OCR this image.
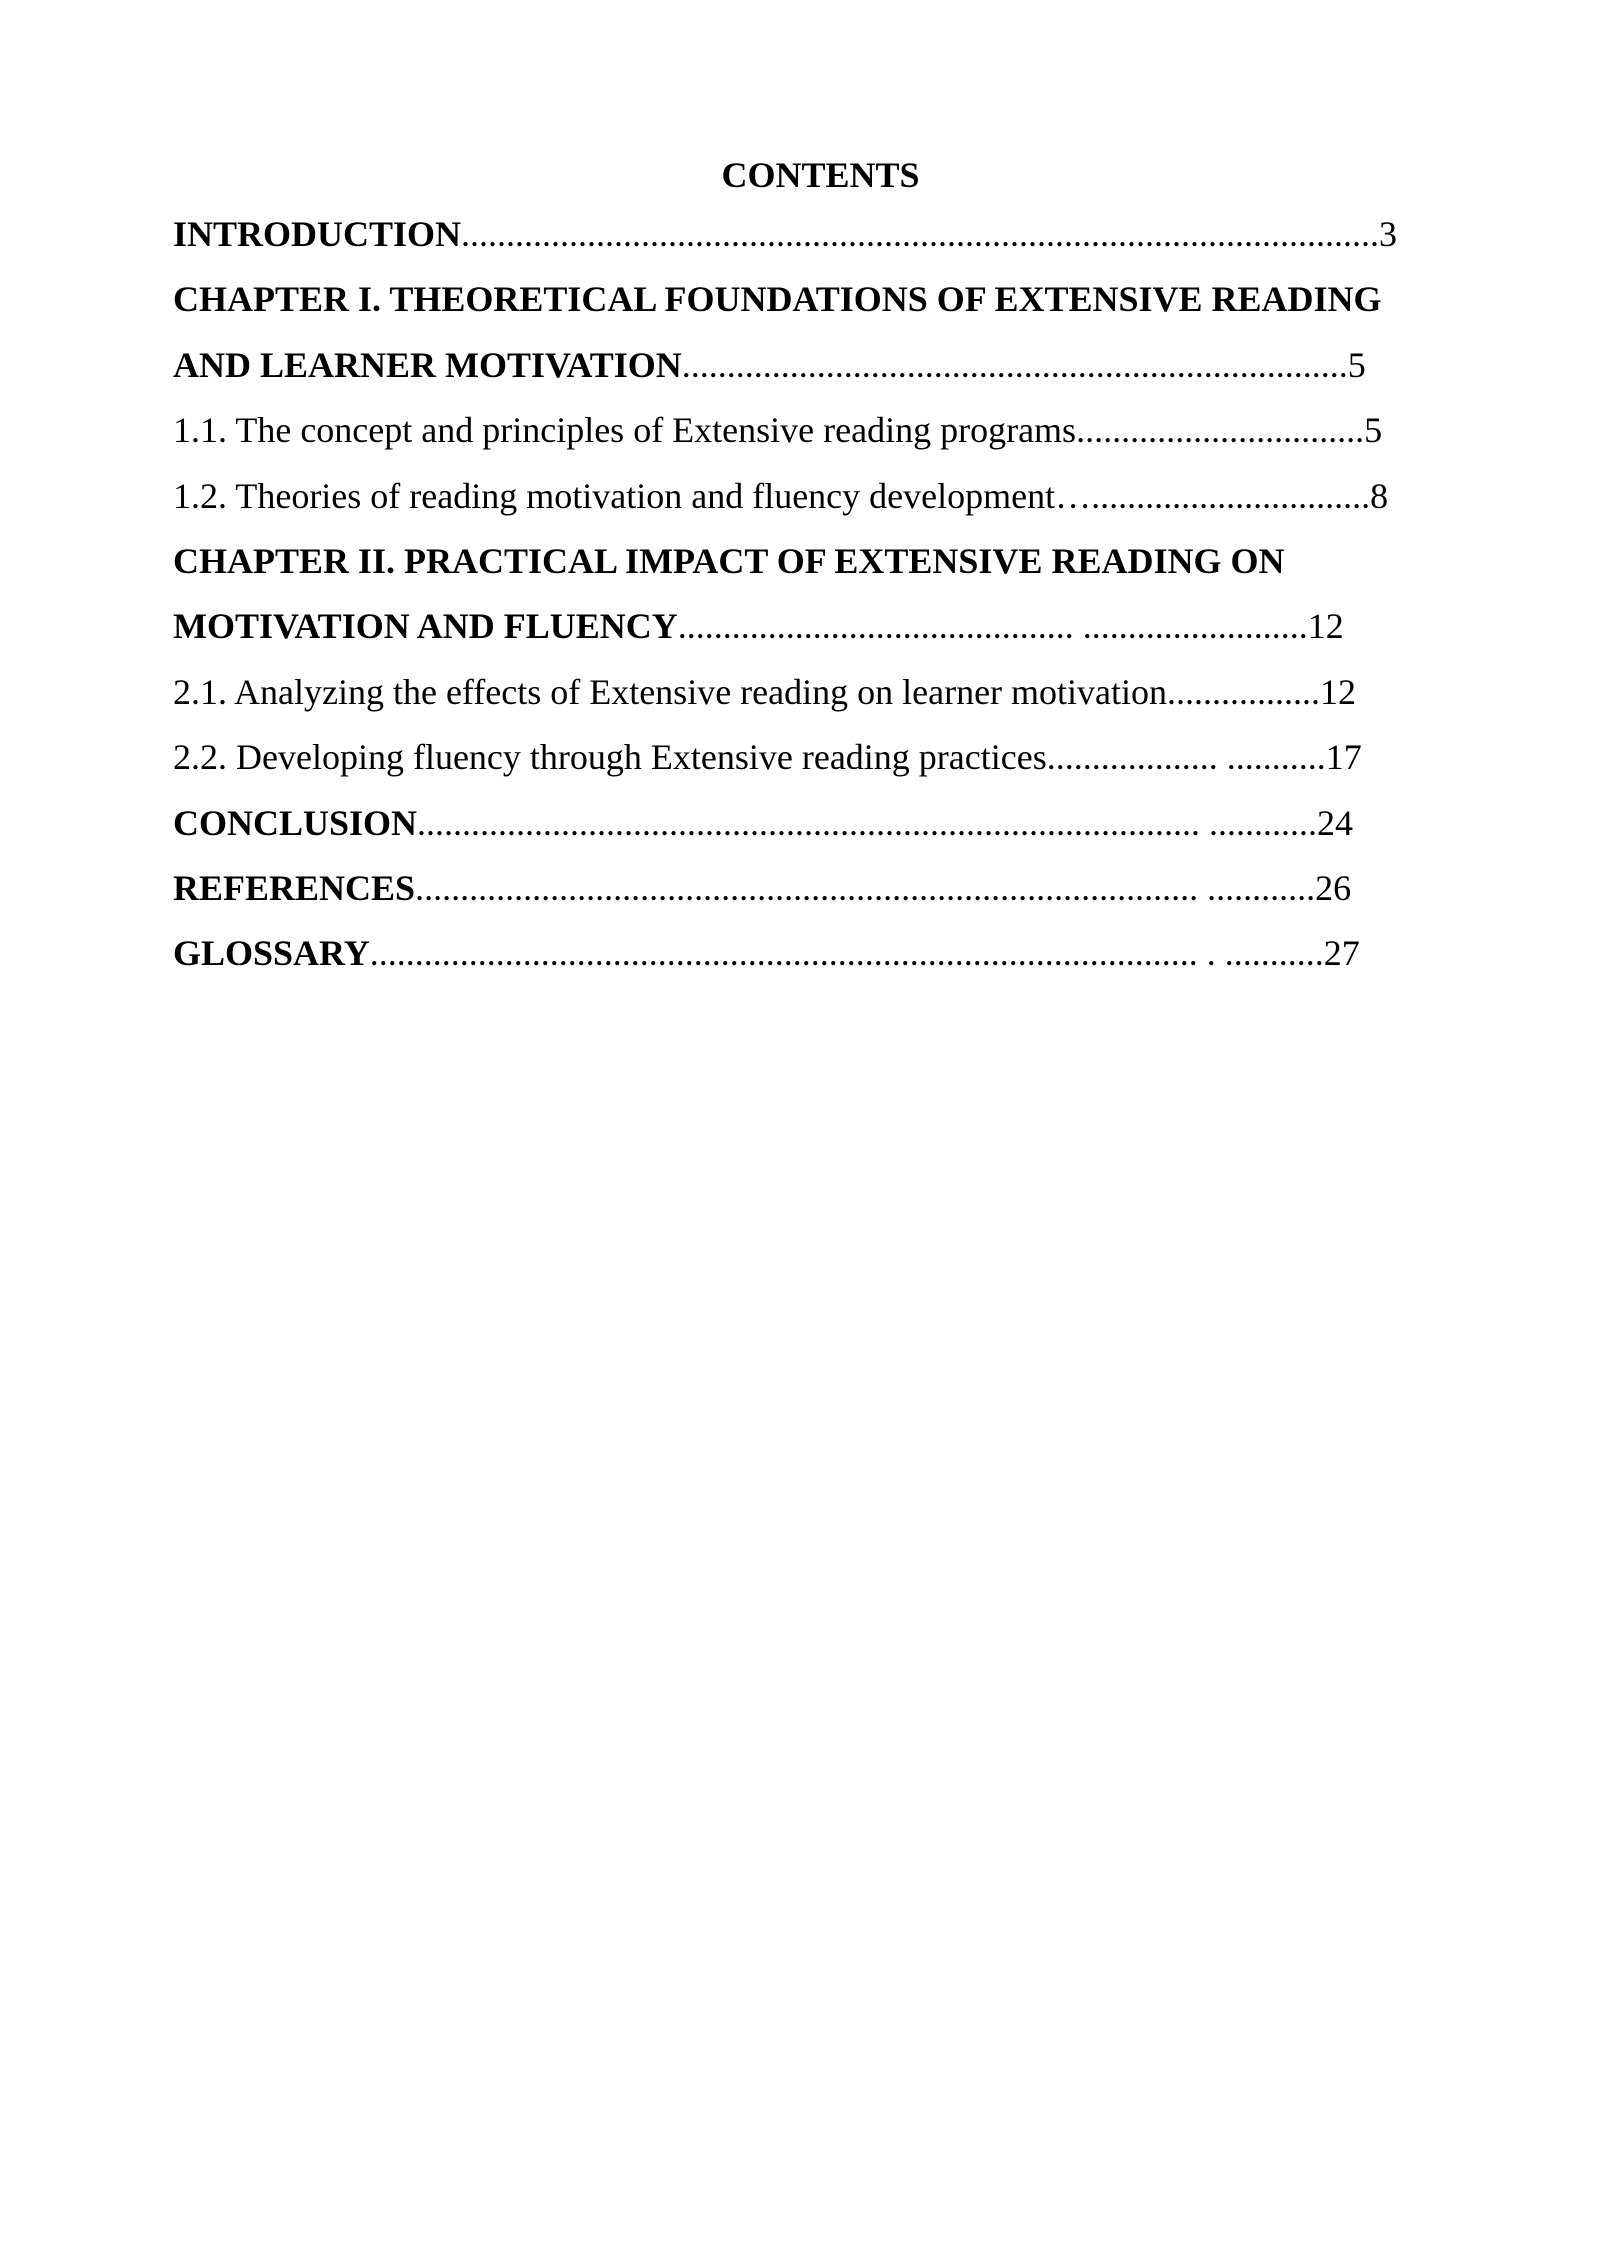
CONTENTS
INTRODUCTION......................................................................................................3
CHAPTER I. THEORETICAL FOUNDATIONS OF EXTENSIVE READING
AND LEARNER MOTIVATION..........................................................................5
1.1. The concept and principles of Extensive reading programs................................5
1.2. Theories of reading motivation and fluency development…...............................8
CHAPTER II. PRACTICAL IMPACT OF EXTENSIVE READING ON
MOTIVATION AND FLUENCY............................................ .........................12
2.1. Analyzing the effects of Extensive reading on learner motivation.................12
2.2. Developing fluency through Extensive reading practices................... ...........17
CONCLUSION....................................................................................... ............24
REFERENCES....................................................................................... ............26
GLOSSARY............................................................................................ . ...........27
